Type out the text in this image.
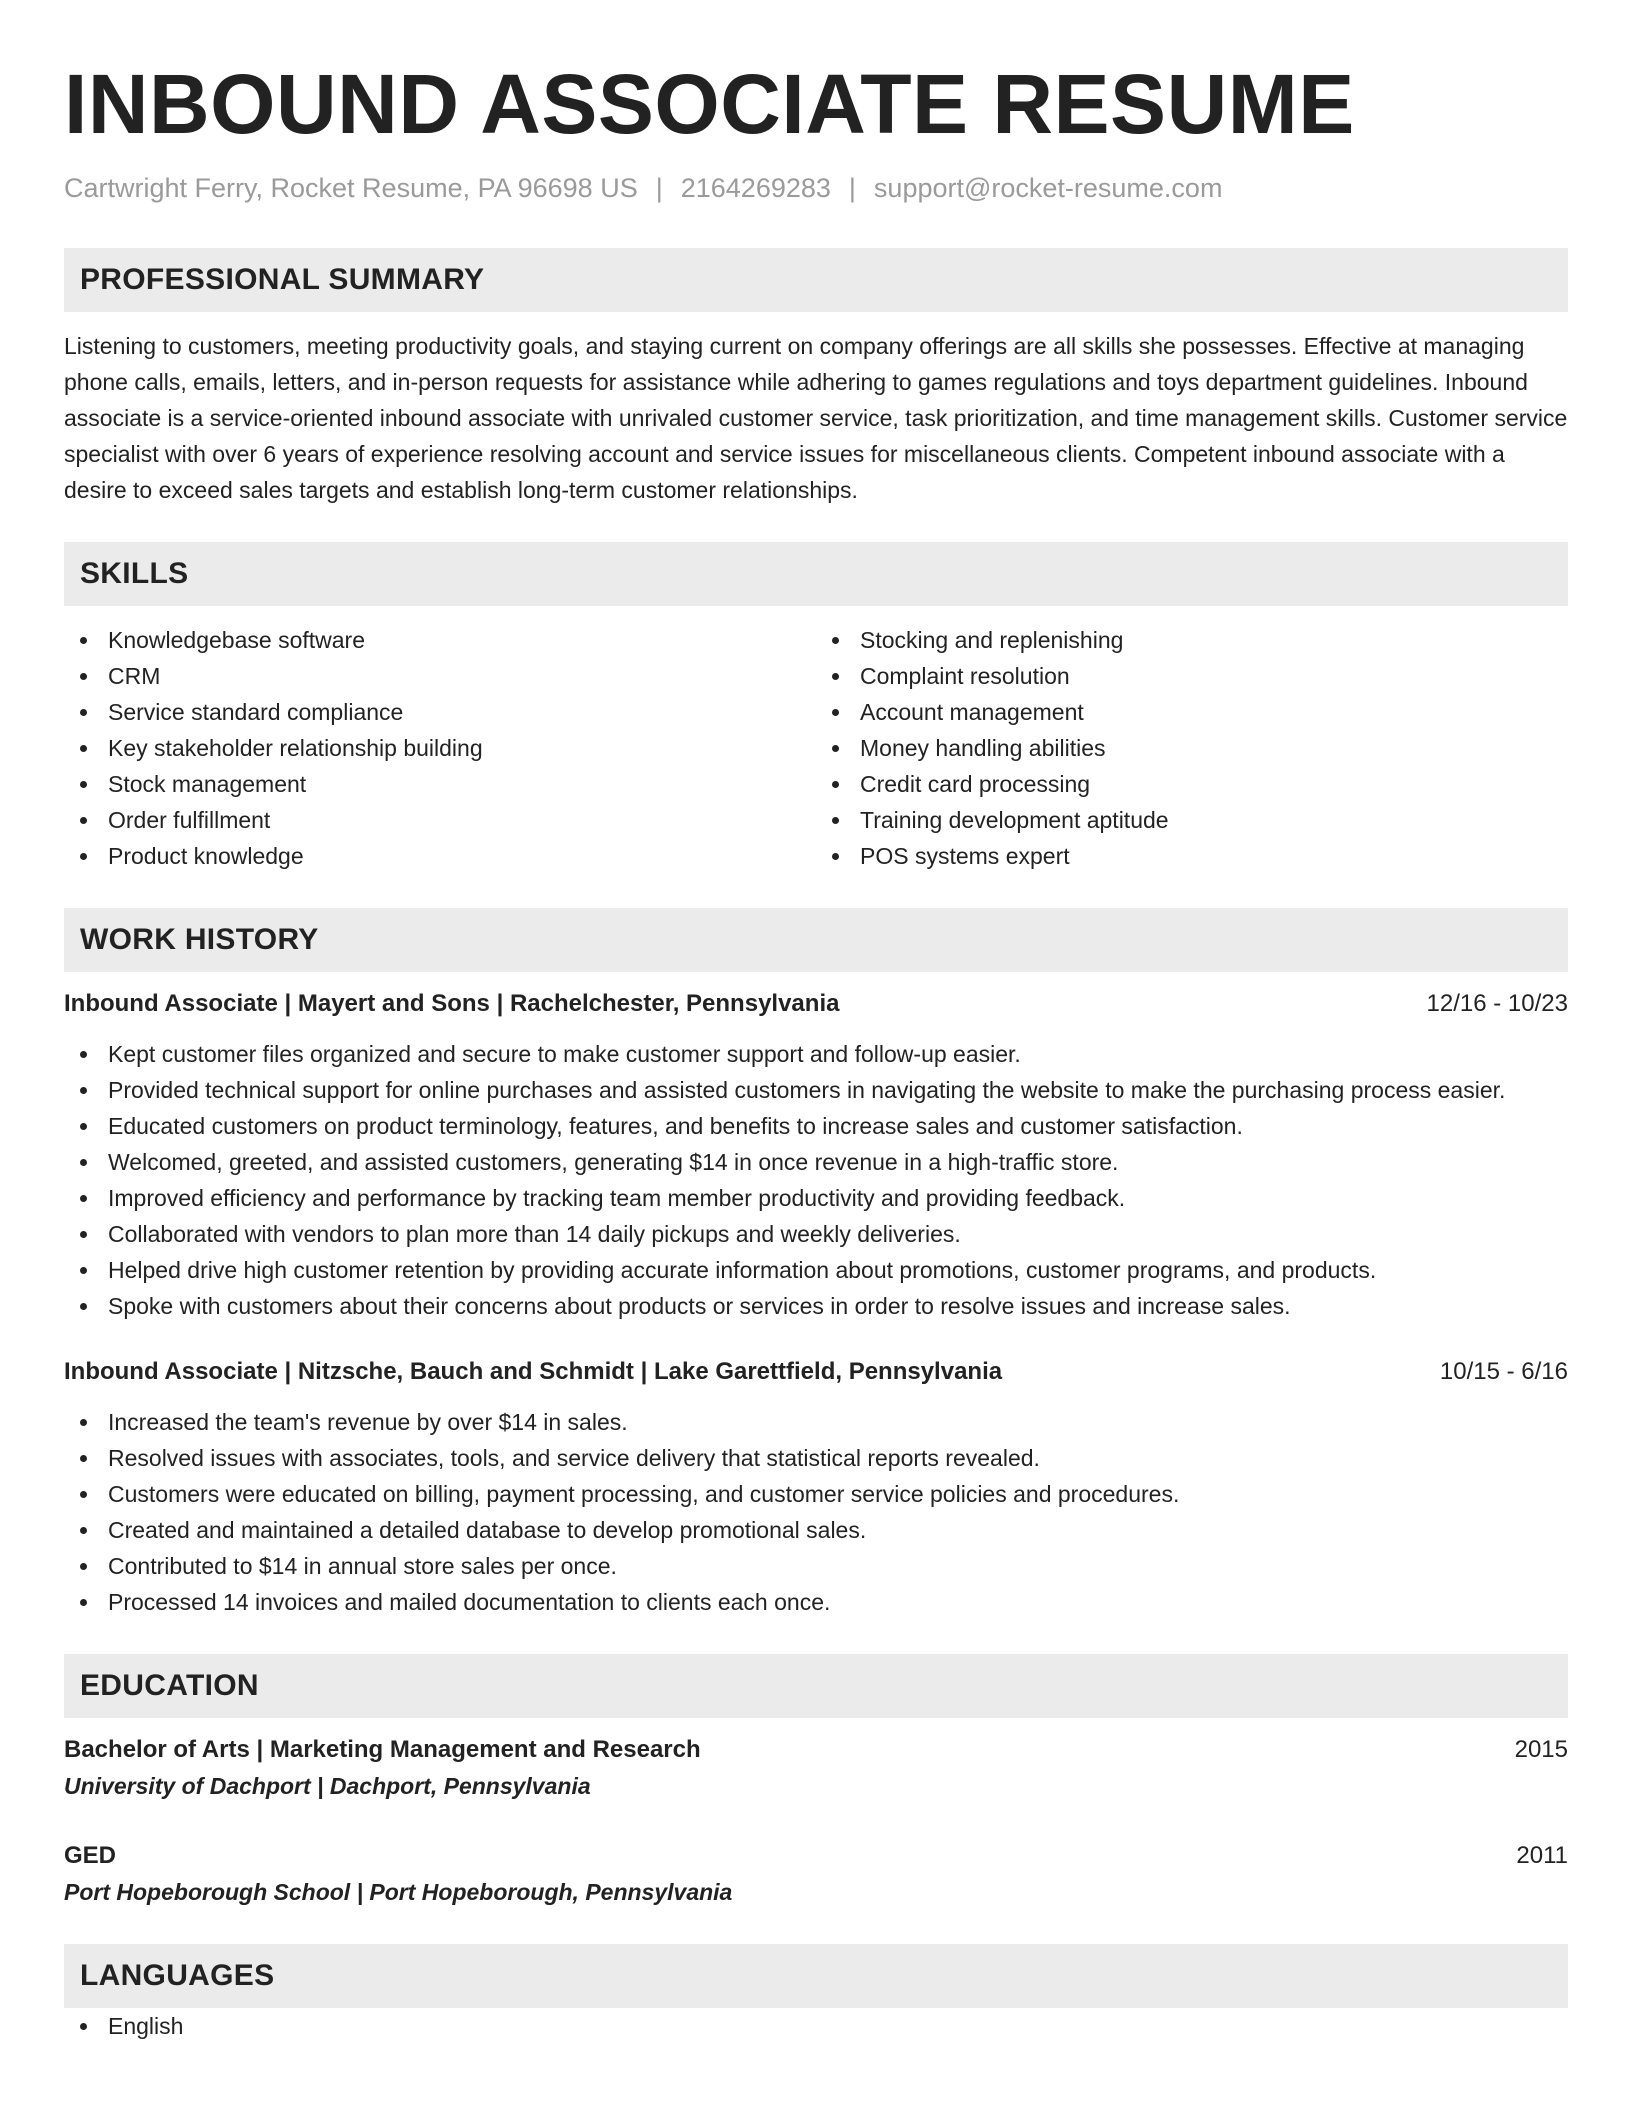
INBOUND ASSOCIATE RESUME
Cartwright Ferry, Rocket Resume, PA 96698 US | 2164269283 | support@rocket-resume.com
PROFESSIONAL SUMMARY
Listening to customers, meeting productivity goals, and staying current on company offerings are all skills she possesses. Effective at managing phone calls, emails, letters, and in-person requests for assistance while adhering to games regulations and toys department guidelines. Inbound associate is a service-oriented inbound associate with unrivaled customer service, task prioritization, and time management skills. Customer service specialist with over 6 years of experience resolving account and service issues for miscellaneous clients. Competent inbound associate with a desire to exceed sales targets and establish long-term customer relationships.
SKILLS
Knowledgebase software
CRM
Service standard compliance
Key stakeholder relationship building
Stock management
Order fulfillment
Product knowledge
Stocking and replenishing
Complaint resolution
Account management
Money handling abilities
Credit card processing
Training development aptitude
POS systems expert
WORK HISTORY
Inbound Associate | Mayert and Sons | Rachelchester, Pennsylvania	12/16 - 10/23
Kept customer files organized and secure to make customer support and follow-up easier.
Provided technical support for online purchases and assisted customers in navigating the website to make the purchasing process easier.
Educated customers on product terminology, features, and benefits to increase sales and customer satisfaction.
Welcomed, greeted, and assisted customers, generating $14 in once revenue in a high-traffic store.
Improved efficiency and performance by tracking team member productivity and providing feedback.
Collaborated with vendors to plan more than 14 daily pickups and weekly deliveries.
Helped drive high customer retention by providing accurate information about promotions, customer programs, and products.
Spoke with customers about their concerns about products or services in order to resolve issues and increase sales.
Inbound Associate | Nitzsche, Bauch and Schmidt | Lake Garettfield, Pennsylvania	10/15 - 6/16
Increased the team's revenue by over $14 in sales.
Resolved issues with associates, tools, and service delivery that statistical reports revealed.
Customers were educated on billing, payment processing, and customer service policies and procedures.
Created and maintained a detailed database to develop promotional sales.
Contributed to $14 in annual store sales per once.
Processed 14 invoices and mailed documentation to clients each once.
EDUCATION
Bachelor of Arts | Marketing Management and Research	2015
University of Dachport | Dachport, Pennsylvania
GED	2011
Port Hopeborough School | Port Hopeborough, Pennsylvania
LANGUAGES
English
